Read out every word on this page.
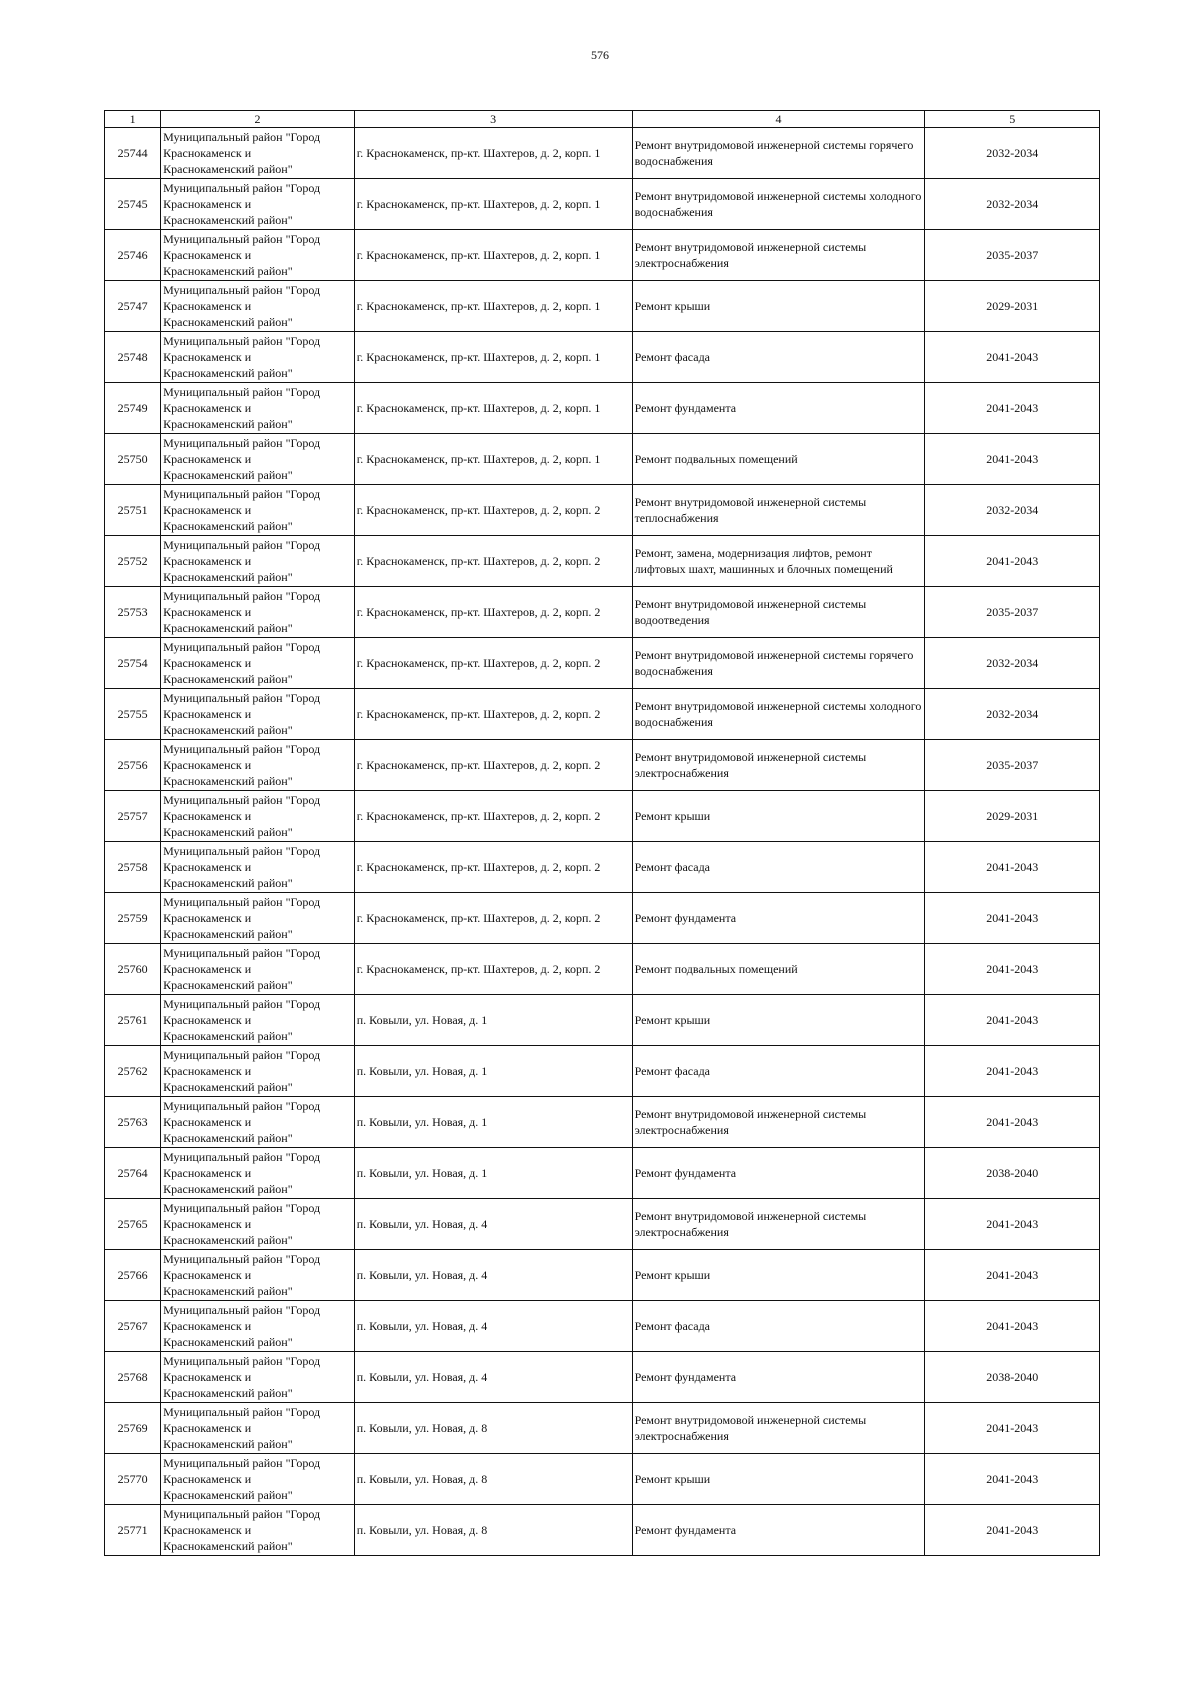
576
1	2	3	4	5
25744	Муниципальный район "Город
Краснокаменск и
Краснокаменский район"	г. Краснокаменск, пр-кт. Шахтеров, д. 2, корп. 1	Ремонт внутридомовой инженерной системы горячего водоснабжения	2032-2034
25745	Муниципальный район "Город
Краснокаменск и
Краснокаменский район"	г. Краснокаменск, пр-кт. Шахтеров, д. 2, корп. 1	Ремонт внутридомовой инженерной системы холодного водоснабжения	2032-2034
25746	Муниципальный район "Город
Краснокаменск и
Краснокаменский район"	г. Краснокаменск, пр-кт. Шахтеров, д. 2, корп. 1	Ремонт внутридомовой инженерной системы электроснабжения	2035-2037
25747	Муниципальный район "Город
Краснокаменск и
Краснокаменский район"	г. Краснокаменск, пр-кт. Шахтеров, д. 2, корп. 1	Ремонт крыши	2029-2031
25748	Муниципальный район "Город
Краснокаменск и
Краснокаменский район"	г. Краснокаменск, пр-кт. Шахтеров, д. 2, корп. 1	Ремонт фасада	2041-2043
25749	Муниципальный район "Город
Краснокаменск и
Краснокаменский район"	г. Краснокаменск, пр-кт. Шахтеров, д. 2, корп. 1	Ремонт фундамента	2041-2043
25750	Муниципальный район "Город
Краснокаменск и
Краснокаменский район"	г. Краснокаменск, пр-кт. Шахтеров, д. 2, корп. 1	Ремонт подвальных помещений	2041-2043
25751	Муниципальный район "Город
Краснокаменск и
Краснокаменский район"	г. Краснокаменск, пр-кт. Шахтеров, д. 2, корп. 2	Ремонт внутридомовой инженерной системы теплоснабжения	2032-2034
25752	Муниципальный район "Город
Краснокаменск и
Краснокаменский район"	г. Краснокаменск, пр-кт. Шахтеров, д. 2, корп. 2	Ремонт, замена, модернизация лифтов, ремонт лифтовых шахт, машинных и блочных помещений	2041-2043
25753	Муниципальный район "Город
Краснокаменск и
Краснокаменский район"	г. Краснокаменск, пр-кт. Шахтеров, д. 2, корп. 2	Ремонт внутридомовой инженерной системы водоотведения	2035-2037
25754	Муниципальный район "Город
Краснокаменск и
Краснокаменский район"	г. Краснокаменск, пр-кт. Шахтеров, д. 2, корп. 2	Ремонт внутридомовой инженерной системы горячего водоснабжения	2032-2034
25755	Муниципальный район "Город
Краснокаменск и
Краснокаменский район"	г. Краснокаменск, пр-кт. Шахтеров, д. 2, корп. 2	Ремонт внутридомовой инженерной системы холодного водоснабжения	2032-2034
25756	Муниципальный район "Город
Краснокаменск и
Краснокаменский район"	г. Краснокаменск, пр-кт. Шахтеров, д. 2, корп. 2	Ремонт внутридомовой инженерной системы электроснабжения	2035-2037
25757	Муниципальный район "Город
Краснокаменск и
Краснокаменский район"	г. Краснокаменск, пр-кт. Шахтеров, д. 2, корп. 2	Ремонт крыши	2029-2031
25758	Муниципальный район "Город
Краснокаменск и
Краснокаменский район"	г. Краснокаменск, пр-кт. Шахтеров, д. 2, корп. 2	Ремонт фасада	2041-2043
25759	Муниципальный район "Город
Краснокаменск и
Краснокаменский район"	г. Краснокаменск, пр-кт. Шахтеров, д. 2, корп. 2	Ремонт фундамента	2041-2043
25760	Муниципальный район "Город
Краснокаменск и
Краснокаменский район"	г. Краснокаменск, пр-кт. Шахтеров, д. 2, корп. 2	Ремонт подвальных помещений	2041-2043
25761	Муниципальный район "Город
Краснокаменск и
Краснокаменский район"	п. Ковыли, ул. Новая, д. 1	Ремонт крыши	2041-2043
25762	Муниципальный район "Город
Краснокаменск и
Краснокаменский район"	п. Ковыли, ул. Новая, д. 1	Ремонт фасада	2041-2043
25763	Муниципальный район "Город
Краснокаменск и
Краснокаменский район"	п. Ковыли, ул. Новая, д. 1	Ремонт внутридомовой инженерной системы электроснабжения	2041-2043
25764	Муниципальный район "Город
Краснокаменск и
Краснокаменский район"	п. Ковыли, ул. Новая, д. 1	Ремонт фундамента	2038-2040
25765	Муниципальный район "Город
Краснокаменск и
Краснокаменский район"	п. Ковыли, ул. Новая, д. 4	Ремонт внутридомовой инженерной системы электроснабжения	2041-2043
25766	Муниципальный район "Город
Краснокаменск и
Краснокаменский район"	п. Ковыли, ул. Новая, д. 4	Ремонт крыши	2041-2043
25767	Муниципальный район "Город
Краснокаменск и
Краснокаменский район"	п. Ковыли, ул. Новая, д. 4	Ремонт фасада	2041-2043
25768	Муниципальный район "Город
Краснокаменск и
Краснокаменский район"	п. Ковыли, ул. Новая, д. 4	Ремонт фундамента	2038-2040
25769	Муниципальный район "Город
Краснокаменск и
Краснокаменский район"	п. Ковыли, ул. Новая, д. 8	Ремонт внутридомовой инженерной системы электроснабжения	2041-2043
25770	Муниципальный район "Город
Краснокаменск и
Краснокаменский район"	п. Ковыли, ул. Новая, д. 8	Ремонт крыши	2041-2043
25771	Муниципальный район "Город
Краснокаменск и
Краснокаменский район"	п. Ковыли, ул. Новая, д. 8	Ремонт фундамента	2041-2043
